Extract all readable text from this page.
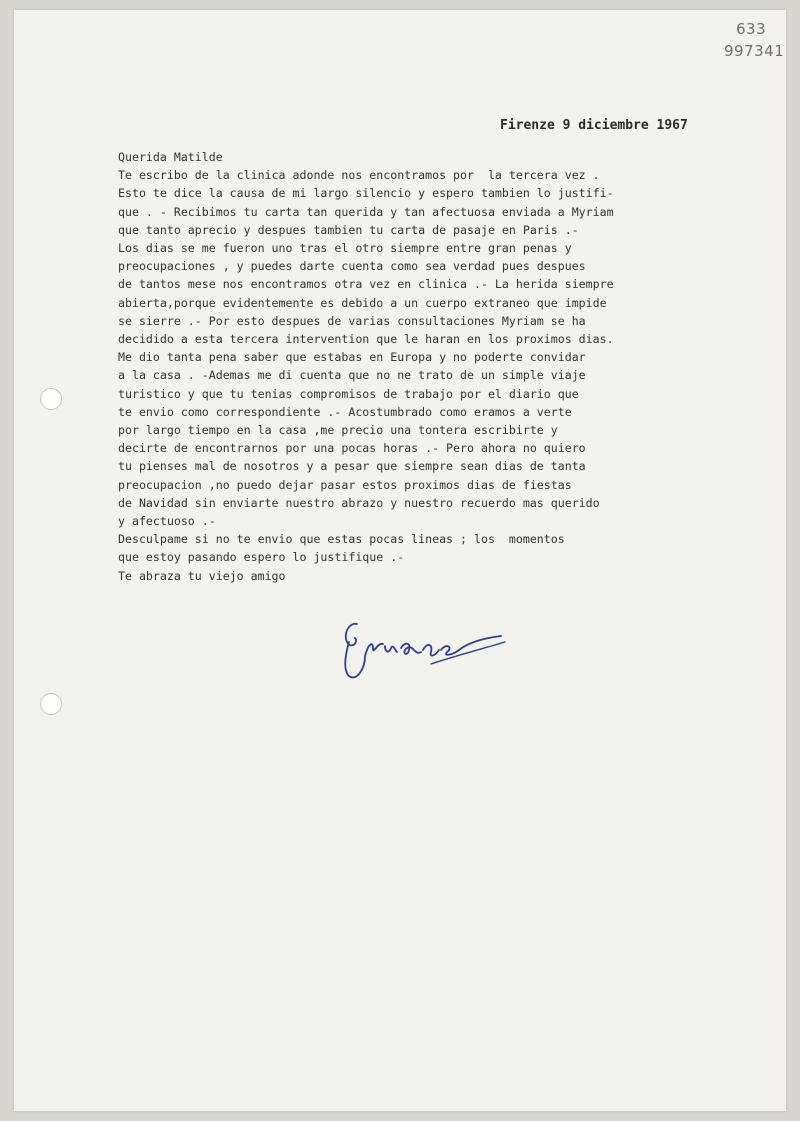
633
997341
Firenze 9 diciembre 1967
Querida Matilde
Te escribo de la clinica adonde nos encontramos por  la tercera vez .
Esto te dice la causa de mi largo silencio y espero tambien lo justifi-
que . - Recibimos tu carta tan querida y tan afectuosa enviada a Myriam
que tanto aprecio y despues tambien tu carta de pasaje en Paris .-
Los dias se me fueron uno tras el otro siempre entre gran penas y
preocupaciones , y puedes darte cuenta como sea verdad pues despues
de tantos mese nos encontramos otra vez en clinica .- La herida siempre
abierta,porque evidentemente es debido a un cuerpo extraneo que impide
se sierre .- Por esto despues de varias consultaciones Myriam se ha
decidido a esta tercera intervention que le haran en los proximos dias.
Me dio tanta pena saber que estabas en Europa y no poderte convidar
a la casa . -Ademas me di cuenta que no ne trato de un simple viaje
turistico y que tu tenias compromisos de trabajo por el diario que
te envio como correspondiente .- Acostumbrado como eramos a verte
por largo tiempo en la casa ,me precio una tontera escribirte y
decirte de encontrarnos por una pocas horas .- Pero ahora no quiero
tu pienses mal de nosotros y a pesar que siempre sean dias de tanta
preocupacion ,no puedo dejar pasar estos proximos dias de fiestas
de Navidad sin enviarte nuestro abrazo y nuestro recuerdo mas querido
y afectuoso .-
Desculpame si no te envio que estas pocas lineas ; los  momentos
que estoy pasando espero lo justifique .-
Te abraza tu viejo amigo
